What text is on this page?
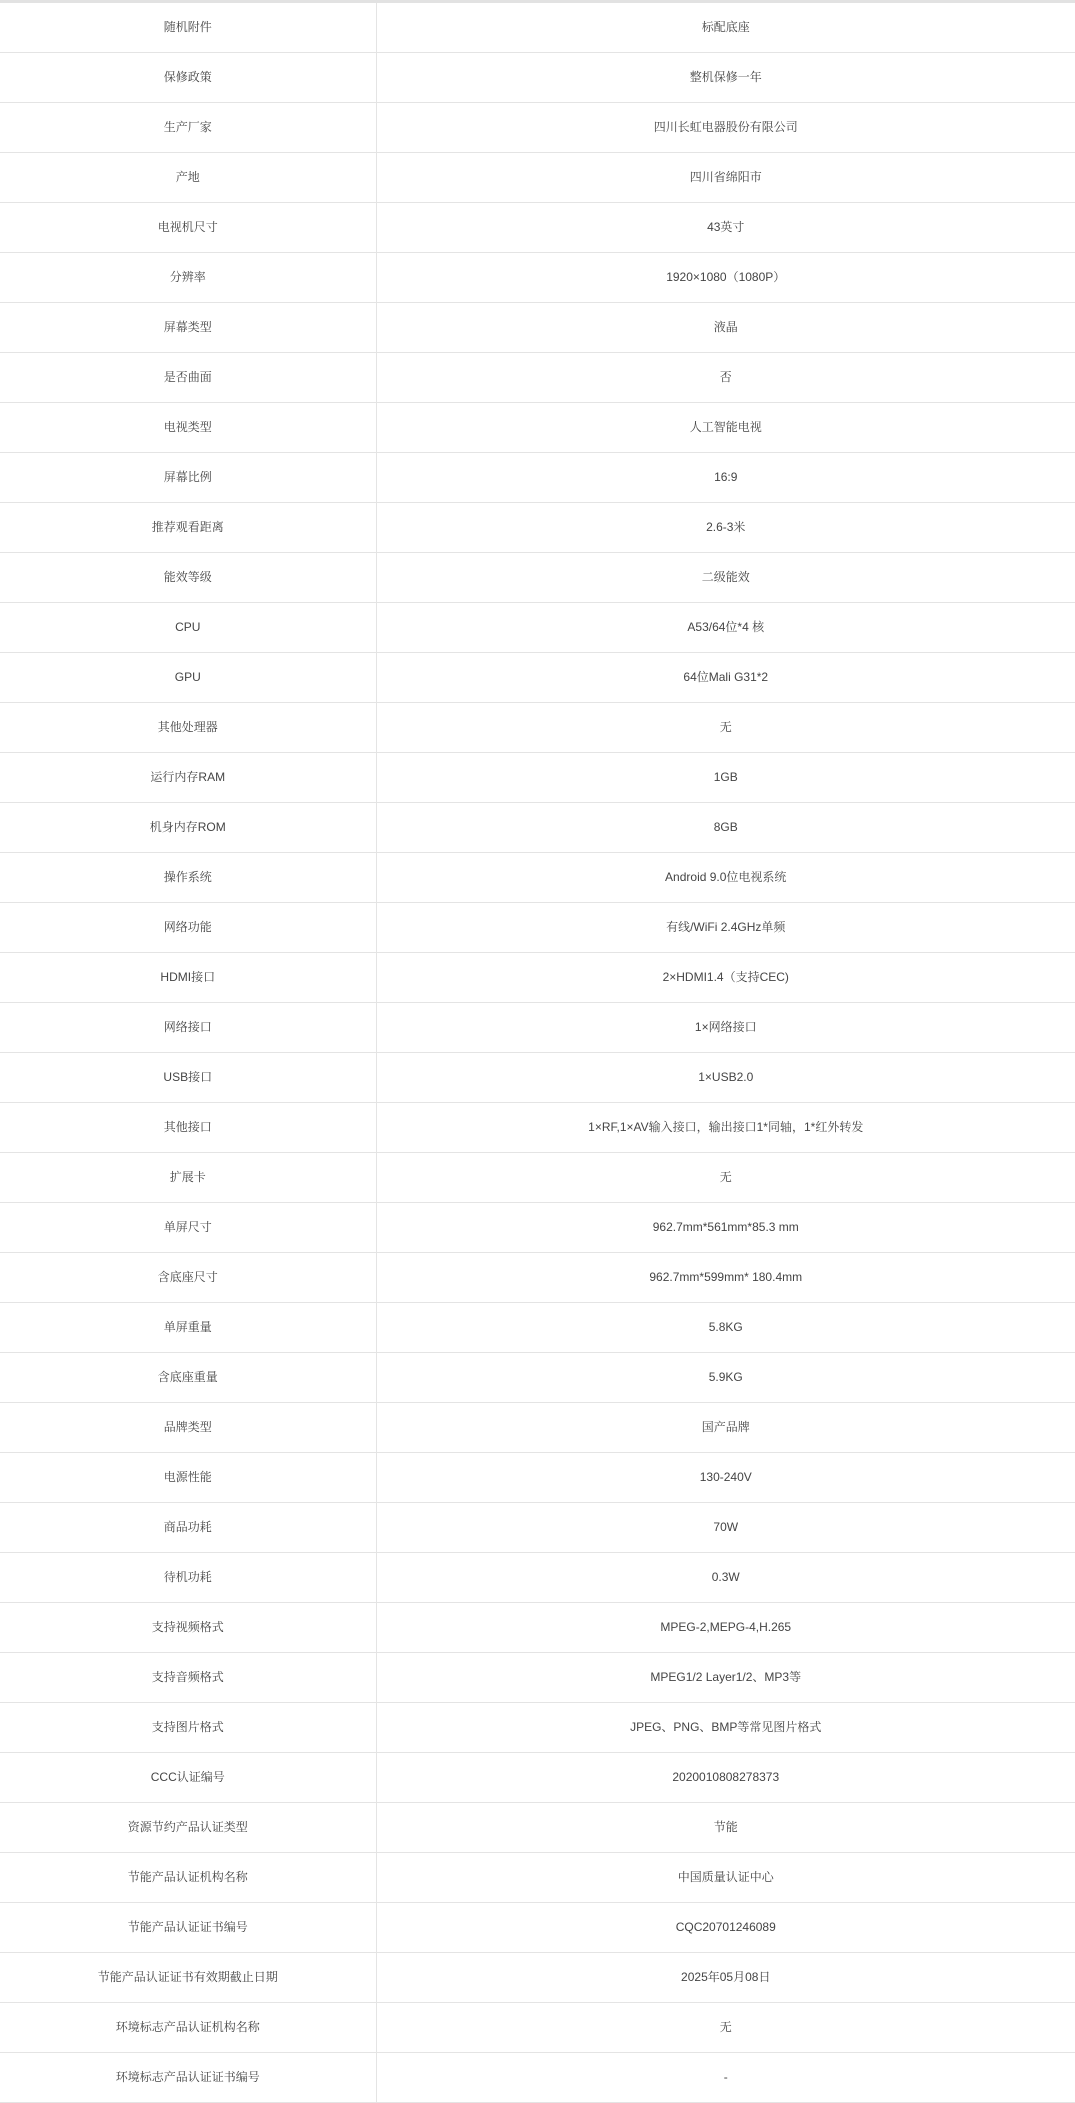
随机附件	标配底座
保修政策	整机保修一年
生产厂家	四川长虹电器股份有限公司
产地	四川省绵阳市
电视机尺寸	43英寸
分辨率	1920×1080（1080P）
屏幕类型	液晶
是否曲面	否
电视类型	人工智能电视
屏幕比例	16:9
推荐观看距离	2.6-3米
能效等级	二级能效
CPU	A53/64位*4 核
GPU	64位Mali G31*2
其他处理器	无
运行内存RAM	1GB
机身内存ROM	8GB
操作系统	Android 9.0位电视系统
网络功能	有线/WiFi 2.4GHz单频
HDMI接口	2×HDMI1.4（支持CEC)
网络接口	1×网络接口
USB接口	1×USB2.0
其他接口	1×RF,1×AV输入接口，输出接口1*同轴，1*红外转发
扩展卡	无
单屏尺寸	962.7mm*561mm*85.3 mm
含底座尺寸	962.7mm*599mm* 180.4mm
单屏重量	5.8KG
含底座重量	5.9KG
品牌类型	国产品牌
电源性能	130-240V
商品功耗	70W
待机功耗	0.3W
支持视频格式	MPEG-2,MEPG-4,H.265
支持音频格式	MPEG1/2 Layer1/2、MP3等
支持图片格式	JPEG、PNG、BMP等常见图片格式
CCC认证编号	2020010808278373
资源节约产品认证类型	节能
节能产品认证机构名称	中国质量认证中心
节能产品认证证书编号	CQC20701246089
节能产品认证证书有效期截止日期	2025年05月08日
环境标志产品认证机构名称	无
环境标志产品认证证书编号	-
